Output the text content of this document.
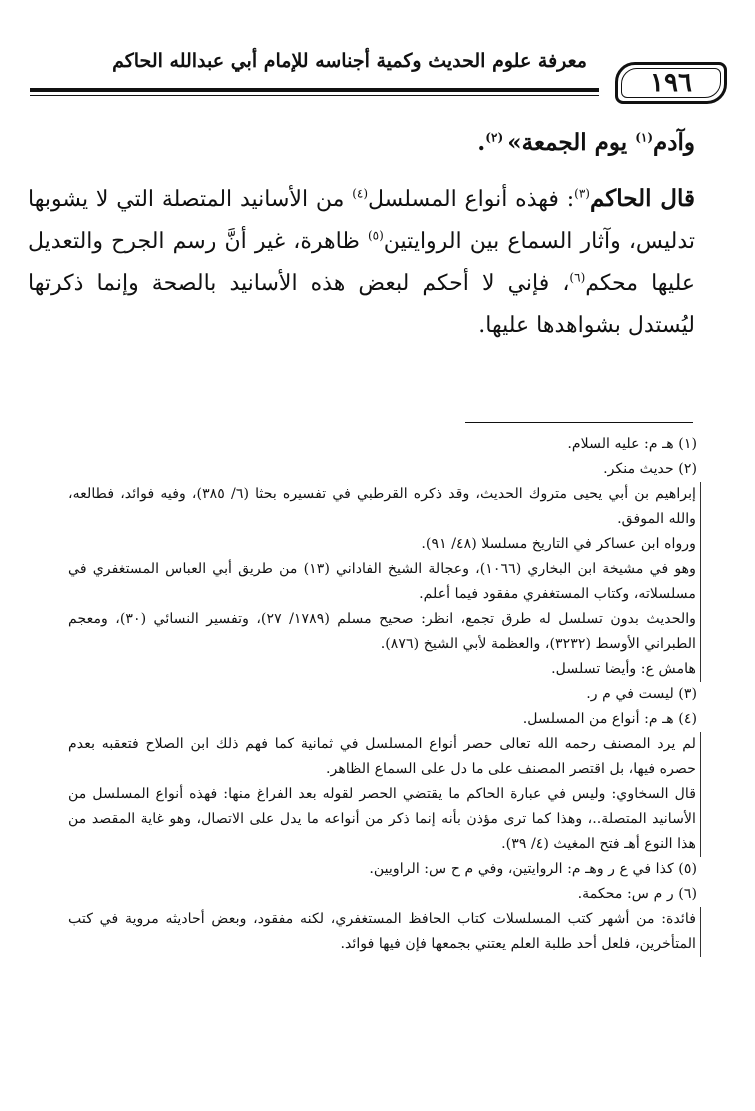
١٩٦
معرفة علوم الحديث وكمية أجناسه للإمام أبي عبدالله الحاكم

وآدم$^{(١)}$ يوم الجمعة» $^{(٢)}$.

قال الحاكم$^{(٣)}$: فهذه أنواع المسلسل$^{(٤)}$ من الأسانيد المتصلة التي لا يشوبها تدليس، وآثار السماع بين الروايتين$^{(٥)}$ ظاهرة، غير أنَّ رسم الجرح والتعديل عليها محكم$^{(٦)}$، فإني لا أحكم لبعض هذه الأسانيد بالصحة وإنما ذكرتها ليُستدل بشواهدها عليها.

(١) هـ م: عليه السلام.

(٢) حديث منكر.

إبراهيم بن أبي يحيى متروك الحديث، وقد ذكره القرطبي في تفسيره بحثا (٦/ ٣٨٥)، وفيه فوائد، فطالعه، والله الموفق.

ورواه ابن عساكر في التاريخ مسلسلا (٤٨/ ٩١).

وهو في مشيخة ابن البخاري (١٠٦٦)، وعجالة الشيخ الفاداني (١٣) من طريق أبي العباس المستغفري في مسلسلاته، وكتاب المستغفري مفقود فيما أعلم.

والحديث بدون تسلسل له طرق تجمع، انظر: صحيح مسلم (١٧٨٩/ ٢٧)، وتفسير النسائي (٣٠)، ومعجم الطبراني الأوسط (٣٢٣٢)، والعظمة لأبي الشيخ (٨٧٦).

هامش ع: وأيضا تسلسل.

(٣) ليست في م ر.

(٤) هـ م: أنواع من المسلسل.

لم يرد المصنف رحمه الله تعالى حصر أنواع المسلسل في ثمانية كما فهم ذلك ابن الصلاح فتعقبه بعدم حصره فيها، بل اقتصر المصنف على ما دل على السماع الظاهر.

قال السخاوي: وليس في عبارة الحاكم ما يقتضي الحصر لقوله بعد الفراغ منها: فهذه أنواع المسلسل من الأسانيد المتصلة..، وهذا كما ترى مؤذن بأنه إنما ذكر من أنواعه ما يدل على الاتصال، وهو غاية المقصد من هذا النوع أهـ فتح المغيث (٤/ ٣٩).

(٥) كذا في ع ر وهـ م: الروايتين، وفي م ح س: الراويين.

(٦) ر م س: محكمة.

فائدة: من أشهر كتب المسلسلات كتاب الحافظ المستغفري، لكنه مفقود، وبعض أحاديثه مروية في كتب المتأخرين، فلعل أحد طلبة العلم يعتني بجمعها فإن فيها فوائد.
